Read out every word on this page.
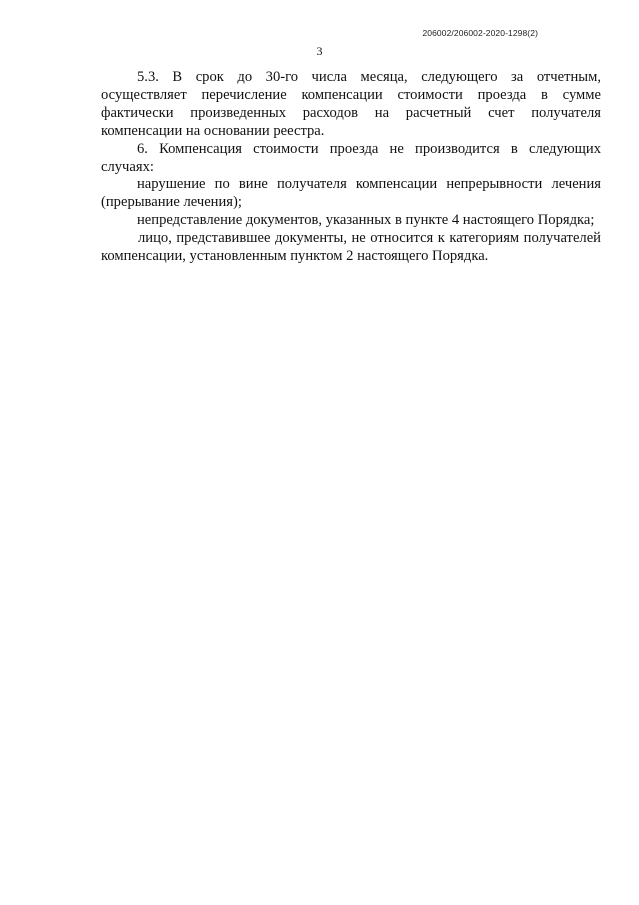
206002/206002-2020-1298(2)
3

5.3. В срок до 30-го числа месяца, следующего за отчетным, осуществляет перечисление компенсации стоимости проезда в сумме фактически произведенных расходов на расчетный счет получателя компенсации на основании реестра.

6. Компенсация стоимости проезда не производится в следующих случаях:

нарушение по вине получателя компенсации непрерывности лечения (прерывание лечения);

непредставление документов, указанных в пункте 4 настоящего Порядка;

лицо, представившее документы, не относится к категориям получателей компенсации, установленным пунктом 2 настоящего Порядка.
